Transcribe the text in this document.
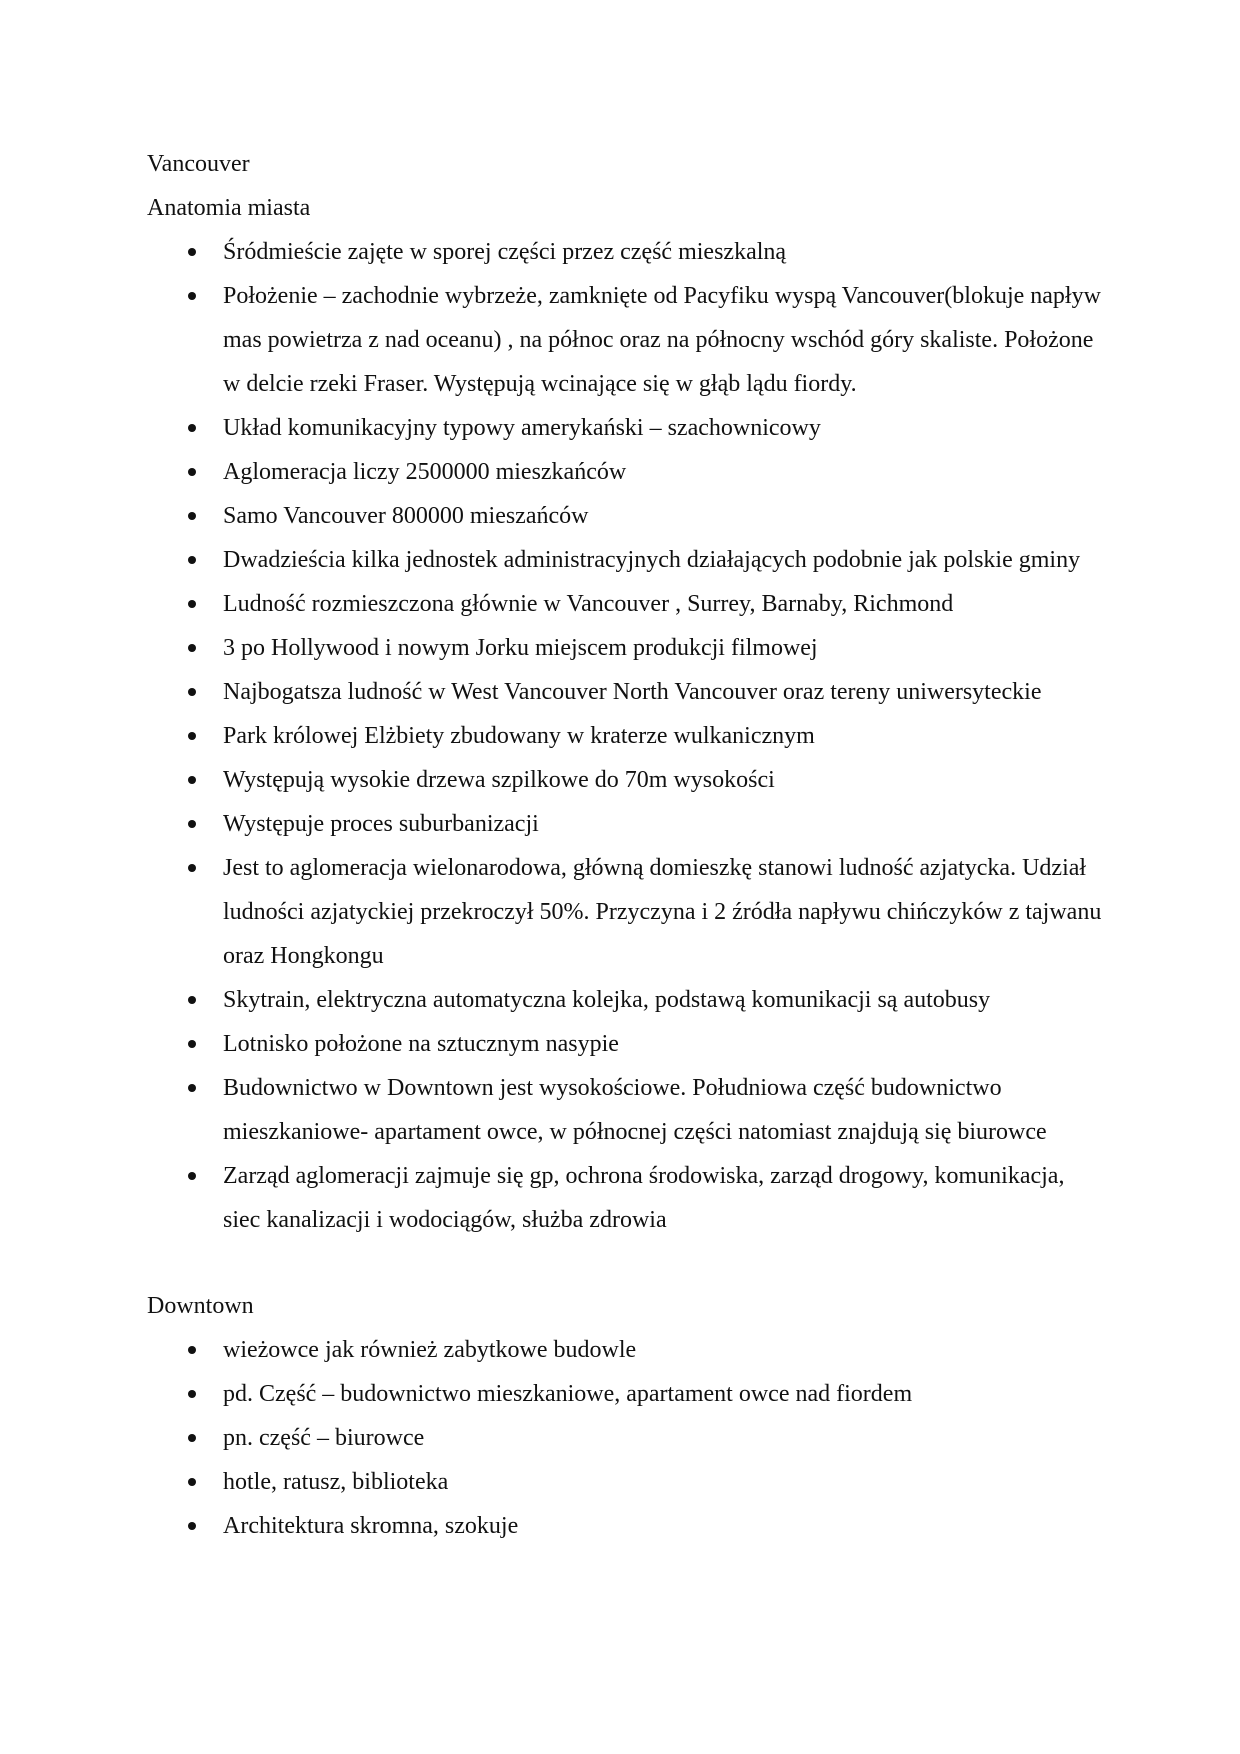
Vancouver

Anatomia miasta

Śródmieście zajęte w sporej części przez część mieszkalną
Położenie – zachodnie wybrzeże, zamknięte od Pacyfiku wyspą Vancouver(blokuje napływ mas powietrza z nad oceanu) , na północ oraz na północny wschód góry skaliste. Położone w delcie rzeki Fraser. Występują wcinające się w głąb lądu fiordy.
Układ komunikacyjny typowy amerykański – szachownicowy
Aglomeracja liczy 2500000 mieszkańców
Samo Vancouver 800000 mieszańców
Dwadzieścia kilka jednostek administracyjnych działających podobnie jak polskie gminy
Ludność rozmieszczona głównie w Vancouver , Surrey, Barnaby, Richmond
3 po Hollywood i nowym Jorku miejscem produkcji filmowej
Najbogatsza ludność w West Vancouver North Vancouver oraz tereny uniwersyteckie
Park królowej Elżbiety zbudowany w kraterze wulkanicznym
Występują wysokie drzewa szpilkowe do 70m wysokości
Występuje proces suburbanizacji
Jest to aglomeracja wielonarodowa, główną domieszkę stanowi ludność azjatycka. Udział ludności azjatyckiej przekroczył 50%. Przyczyna i 2 źródła napływu chińczyków z tajwanu oraz Hongkongu
Skytrain, elektryczna automatyczna kolejka, podstawą komunikacji są autobusy
Lotnisko położone na sztucznym nasypie
Budownictwo w Downtown jest wysokościowe. Południowa część budownictwo mieszkaniowe- apartament owce, w północnej części natomiast znajdują się biurowce
Zarząd aglomeracji zajmuje się gp, ochrona środowiska, zarząd drogowy, komunikacja, siec kanalizacji i wodociągów, służba zdrowia

Downtown

wieżowce jak również zabytkowe budowle
pd. Część – budownictwo mieszkaniowe, apartament owce nad fiordem
pn. część – biurowce
hotle, ratusz, biblioteka
Architektura skromna, szokuje
